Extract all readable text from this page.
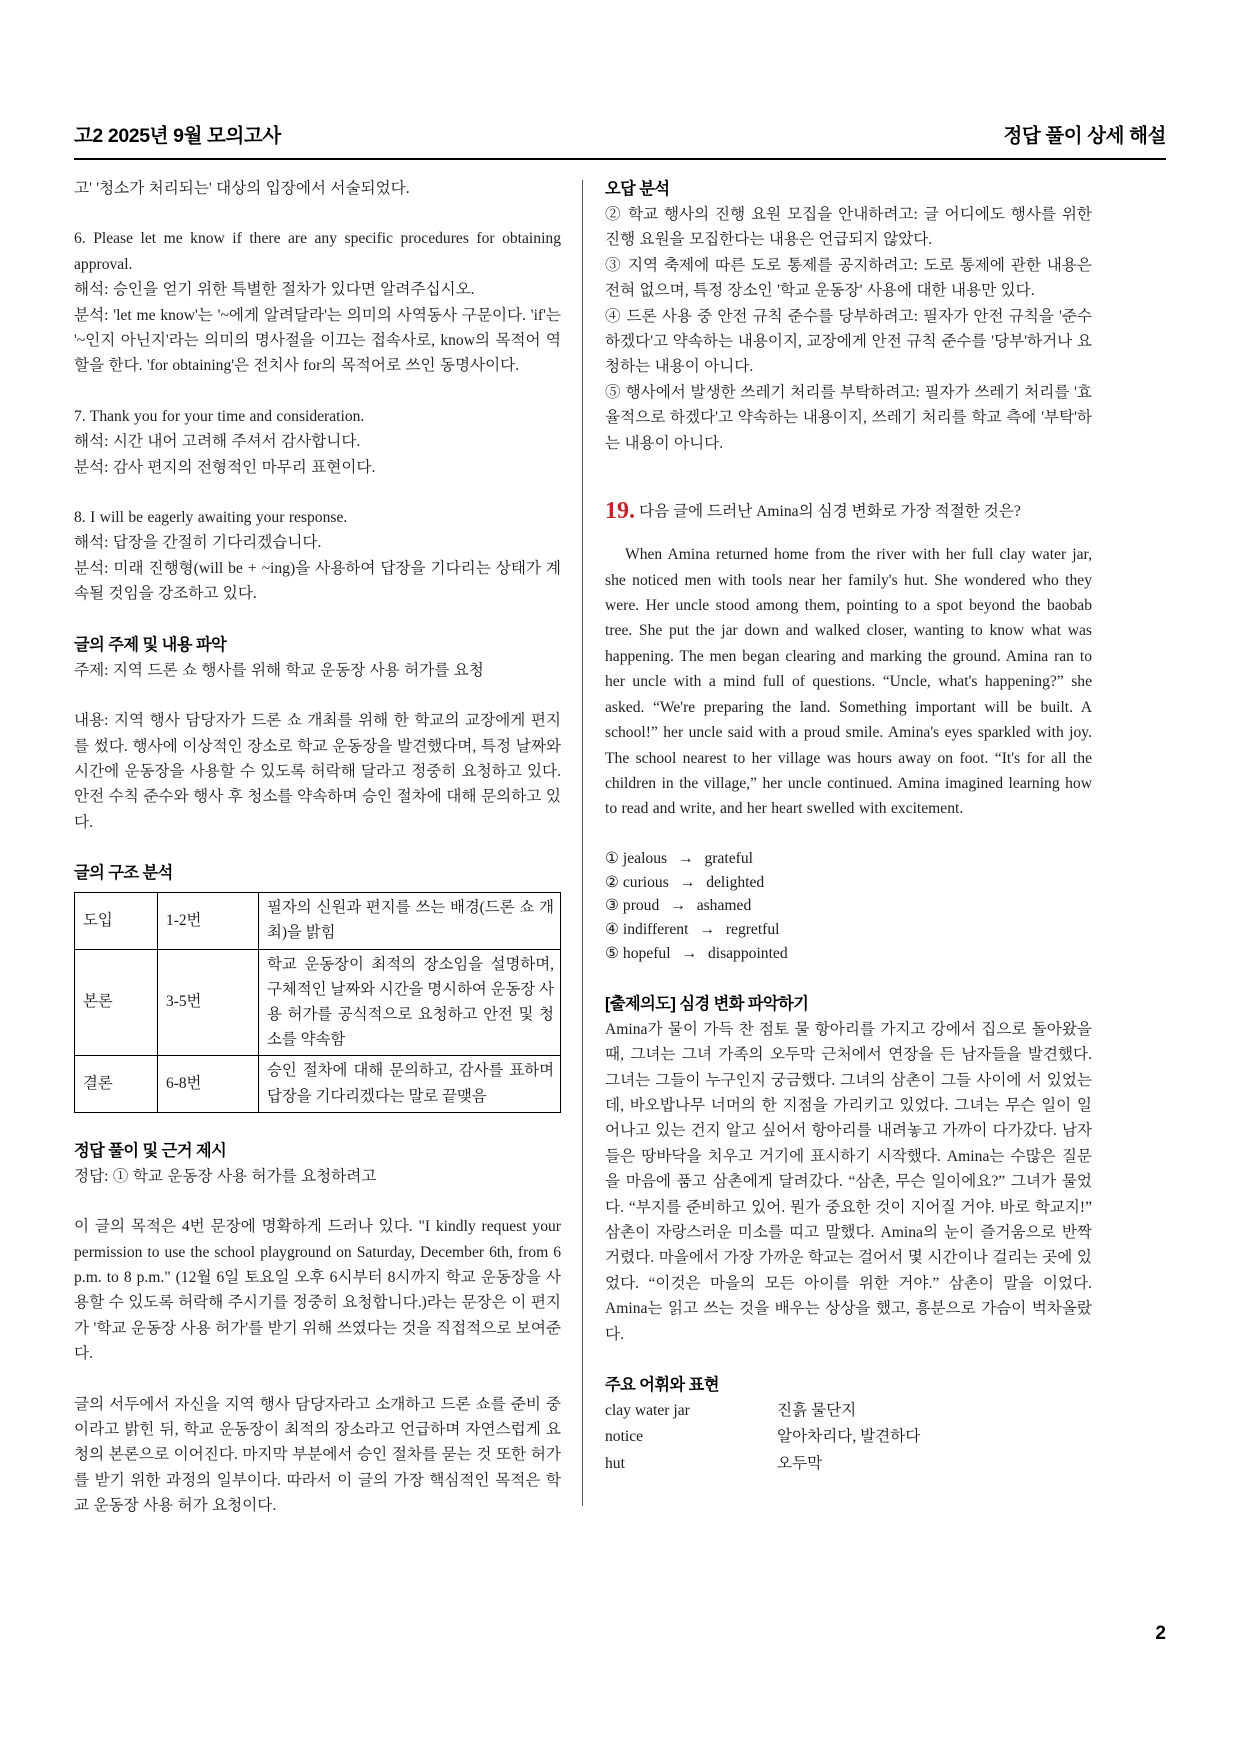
고2 2025년 9월 모의고사	정답 풀이 상세 해설

고' '청소가 처리되는' 대상의 입장에서 서술되었다.

6. Please let me know if there are any specific procedures for obtaining approval.

해석: 승인을 얻기 위한 특별한 절차가 있다면 알려주십시오.

분석: 'let me know'는 '~에게 알려달라'는 의미의 사역동사 구문이다. 'if'는 '~인지 아닌지'라는 의미의 명사절을 이끄는 접속사로, know의 목적어 역할을 한다. 'for obtaining'은 전치사 for의 목적어로 쓰인 동명사이다.

7. Thank you for your time and consideration.

해석: 시간 내어 고려해 주셔서 감사합니다.

분석: 감사 편지의 전형적인 마무리 표현이다.

8. I will be eagerly awaiting your response.

해석: 답장을 간절히 기다리겠습니다.

분석: 미래 진행형(will be + ~ing)을 사용하여 답장을 기다리는 상태가 계속될 것임을 강조하고 있다.

글의 주제 및 내용 파악

주제: 지역 드론 쇼 행사를 위해 학교 운동장 사용 허가를 요청

내용: 지역 행사 담당자가 드론 쇼 개최를 위해 한 학교의 교장에게 편지를 썼다. 행사에 이상적인 장소로 학교 운동장을 발견했다며, 특정 날짜와 시간에 운동장을 사용할 수 있도록 허락해 달라고 정중히 요청하고 있다. 안전 수칙 준수와 행사 후 청소를 약속하며 승인 절차에 대해 문의하고 있다.

글의 구조 분석
도입	1-2번	필자의 신원과 편지를 쓰는 배경(드론 쇼 개최)을 밝힘
본론	3-5번	학교 운동장이 최적의 장소임을 설명하며, 구체적인 날짜와 시간을 명시하여 운동장 사용 허가를 공식적으로 요청하고 안전 및 청소를 약속함
결론	6-8번	승인 절차에 대해 문의하고, 감사를 표하며 답장을 기다리겠다는 말로 끝맺음
정답 풀이 및 근거 제시

정답: ① 학교 운동장 사용 허가를 요청하려고

이 글의 목적은 4번 문장에 명확하게 드러나 있다. "I kindly request your permission to use the school playground on Saturday, December 6th, from 6 p.m. to 8 p.m." (12월 6일 토요일 오후 6시부터 8시까지 학교 운동장을 사용할 수 있도록 허락해 주시기를 정중히 요청합니다.)라는 문장은 이 편지가 '학교 운동장 사용 허가'를 받기 위해 쓰였다는 것을 직접적으로 보여준다.

글의 서두에서 자신을 지역 행사 담당자라고 소개하고 드론 쇼를 준비 중이라고 밝힌 뒤, 학교 운동장이 최적의 장소라고 언급하며 자연스럽게 요청의 본론으로 이어진다. 마지막 부분에서 승인 절차를 묻는 것 또한 허가를 받기 위한 과정의 일부이다. 따라서 이 글의 가장 핵심적인 목적은 학교 운동장 사용 허가 요청이다.

오답 분석

② 학교 행사의 진행 요원 모집을 안내하려고: 글 어디에도 행사를 위한 진행 요원을 모집한다는 내용은 언급되지 않았다.

③ 지역 축제에 따른 도로 통제를 공지하려고: 도로 통제에 관한 내용은 전혀 없으며, 특정 장소인 '학교 운동장' 사용에 대한 내용만 있다.

④ 드론 사용 중 안전 규칙 준수를 당부하려고: 필자가 안전 규칙을 '준수하겠다'고 약속하는 내용이지, 교장에게 안전 규칙 준수를 '당부'하거나 요청하는 내용이 아니다.

⑤ 행사에서 발생한 쓰레기 처리를 부탁하려고: 필자가 쓰레기 처리를 '효율적으로 하겠다'고 약속하는 내용이지, 쓰레기 처리를 학교 측에 '부탁'하는 내용이 아니다.

19. 다음 글에 드러난 Amina의 심경 변화로 가장 적절한 것은?

When Amina returned home from the river with her full clay water jar, she noticed men with tools near her family's hut. She wondered who they were. Her uncle stood among them, pointing to a spot beyond the baobab tree. She put the jar down and walked closer, wanting to know what was happening. The men began clearing and marking the ground. Amina ran to her uncle with a mind full of questions. “Uncle, what's happening?” she asked. “We're preparing the land. Something important will be built. A school!” her uncle said with a proud smile. Amina's eyes sparkled with joy. The school nearest to her village was hours away on foot. “It's for all the children in the village,” her uncle continued. Amina imagined learning how to read and write, and her heart swelled with excitement.

① jealous → grateful
② curious → delighted
③ proud → ashamed
④ indifferent → regretful
⑤ hopeful → disappointed
[출제의도] 심경 변화 파악하기

Amina가 물이 가득 찬 점토 물 항아리를 가지고 강에서 집으로 돌아왔을 때, 그녀는 그녀 가족의 오두막 근처에서 연장을 든 남자들을 발견했다. 그녀는 그들이 누구인지 궁금했다. 그녀의 삼촌이 그들 사이에 서 있었는데, 바오밥나무 너머의 한 지점을 가리키고 있었다. 그녀는 무슨 일이 일어나고 있는 건지 알고 싶어서 항아리를 내려놓고 가까이 다가갔다. 남자들은 땅바닥을 치우고 거기에 표시하기 시작했다. Amina는 수많은 질문을 마음에 품고 삼촌에게 달려갔다. “삼촌, 무슨 일이에요?” 그녀가 물었다. “부지를 준비하고 있어. 뭔가 중요한 것이 지어질 거야. 바로 학교지!” 삼촌이 자랑스러운 미소를 띠고 말했다. Amina의 눈이 즐거움으로 반짝거렸다. 마을에서 가장 가까운 학교는 걸어서 몇 시간이나 걸리는 곳에 있었다. “이것은 마을의 모든 아이를 위한 거야.” 삼촌이 말을 이었다. Amina는 읽고 쓰는 것을 배우는 상상을 했고, 흥분으로 가슴이 벅차올랐다.

주요 어휘와 표현
clay water jar	진흙 물단지
notice	알아차리다, 발견하다
hut	오두막
2
